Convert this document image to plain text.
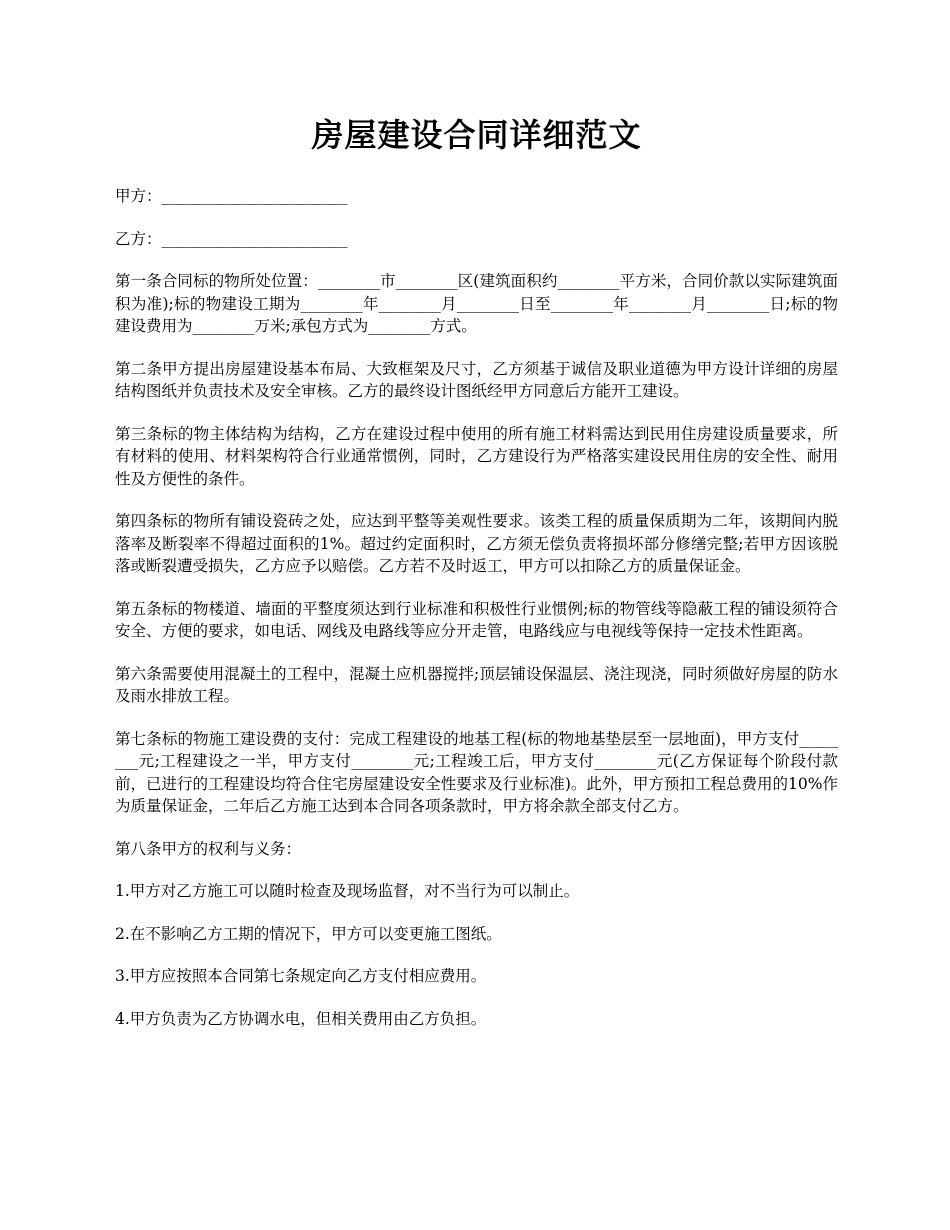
房屋建设合同详细范文

甲方：________________________

乙方：________________________

第一条合同标的物所处位置：________市________区(建筑面积约________平方米，合同价款以实际建筑面积为准);标的物建设工期为________年________月________日至________年________月________日;标的物建设费用为________万米;承包方式为________方式。

第二条甲方提出房屋建设基本布局、大致框架及尺寸，乙方须基于诚信及职业道德为甲方设计详细的房屋结构图纸并负责技术及安全审核。乙方的最终设计图纸经甲方同意后方能开工建设。

第三条标的物主体结构为结构，乙方在建设过程中使用的所有施工材料需达到民用住房建设质量要求，所有材料的使用、材料架构符合行业通常惯例，同时，乙方建设行为严格落实建设民用住房的安全性、耐用性及方便性的条件。

第四条标的物所有铺设瓷砖之处，应达到平整等美观性要求。该类工程的质量保质期为二年，该期间内脱落率及断裂率不得超过面积的1%。超过约定面积时，乙方须无偿负责将损坏部分修缮完整;若甲方因该脱落或断裂遭受损失，乙方应予以赔偿。乙方若不及时返工，甲方可以扣除乙方的质量保证金。

第五条标的物楼道、墙面的平整度须达到行业标准和积极性行业惯例;标的物管线等隐蔽工程的铺设须符合安全、方便的要求，如电话、网线及电路线等应分开走管，电路线应与电视线等保持一定技术性距离。

第六条需要使用混凝土的工程中，混凝土应机器搅拌;顶层铺设保温层、浇注现浇，同时须做好房屋的防水及雨水排放工程。

第七条标的物施工建设费的支付：完成工程建设的地基工程(标的物地基垫层至一层地面)，甲方支付________元;工程建设之一半，甲方支付________元;工程竣工后，甲方支付________元(乙方保证每个阶段付款前，已进行的工程建设均符合住宅房屋建设安全性要求及行业标准)。此外，甲方预扣工程总费用的10%作为质量保证金，二年后乙方施工达到本合同各项条款时，甲方将余款全部支付乙方。

第八条甲方的权利与义务：

1.甲方对乙方施工可以随时检查及现场监督，对不当行为可以制止。

2.在不影响乙方工期的情况下，甲方可以变更施工图纸。

3.甲方应按照本合同第七条规定向乙方支付相应费用。

4.甲方负责为乙方协调水电，但相关费用由乙方负担。
